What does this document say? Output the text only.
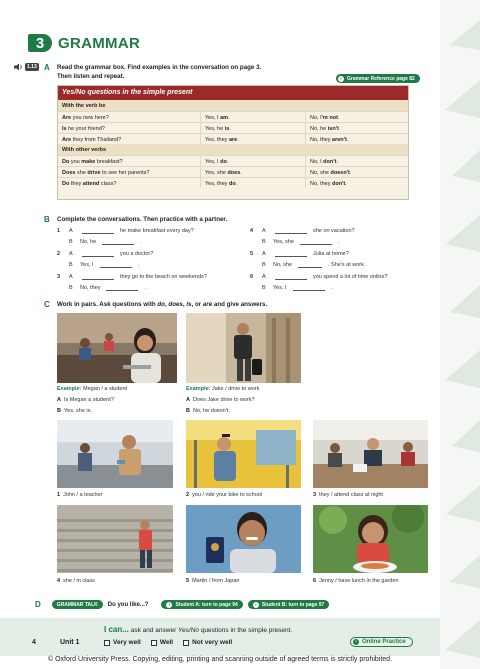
3 GRAMMAR
1.13 A Read the grammar box. Find examples in the conversation on page 3.
Then listen and repeat.	›	Grammar Reference page 82
Yes/No questions in the simple present
With the verb be
Are you new here?	Yes, I am.	No, I'm not.
Is he your friend?	Yes, he is.	No, he isn't.
Are they from Thailand?	Yes, they are.	No, they aren't.
With other verbs
Do you make breakfast?	Yes, I do.	No, I don't.
Does she drive to see her parents?	Yes, she does.	No, she doesn't.
Do they attend class?	Yes, they do.	No, they don't.
B Complete the conversations. Then practice with a partner.
1	A	he make breakfast every day?
B	No, he	.
2	A	you a doctor?
B	Yes, I	.
3	A	they go to the beach on weekends?
B	No, they	.
4	A	she on vacation?
B	Yes, she	.
5	A	Julia at home?
B	No, she	. She's at work.
6	A	you spend a lot of time online?
B	Yes, I	.
C Work in pairs. Ask questions with do, does, is, or are and give answers.
Example: Megan / a student
A Is Megan a student?
B Yes, she is.
Example: Jake / drive to work
A Does Jake drive to work?
B No, he doesn't.
1 John / a teacher	2 you / ride your bike to school	3 they / attend class at night
4 she / in class	5 Martin / from Japan	6 Jenny / have lunch in the garden
D	GRAMMAR TALK	Do you like...?	›	Student A: turn to page 94	›	Student B: turn to page 97
4	Unit 1
I can... ask and answer Yes/No questions in the simple present.
Very well	Well	Not very well	› Online Practice
© Oxford University Press. Copying, editing, printing and scanning outside of agreed terms is strictly prohibited.
